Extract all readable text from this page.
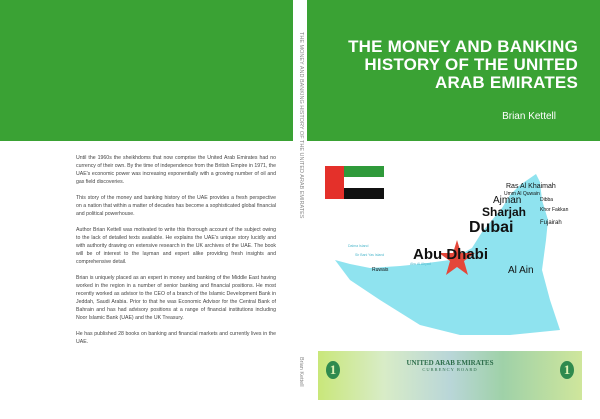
THE MONEY AND BANKING HISTORY OF THE UNITED ARAB EMIRATES
Brian Kettell

Until the 1960s the sheikhdoms that now comprise the United Arab Emirates had no currency of their own. By the time of independence from the British Empire in 1971, the UAE's economic power was increasing exponentially with a growing number of oil and gas field discoveries.

This story of the money and banking history of the UAE provides a fresh perspective on a nation that within a matter of decades has become a sophisticated global financial and political powerhouse.

Author Brian Kettell was motivated to write this thorough account of the subject owing to the lack of detailed texts available. He explains the UAE's unique story lucidly and with authority drawing on extensive research in the UK archives of the UAE. The book will be of interest to the layman and expert alike providing fresh insights and comprehensive detail.

Brian is uniquely placed as an expert in money and banking of the Middle East having worked in the region in a number of senior banking and financial positions. He most recently worked as advisor to the CEO of a branch of the Islamic Development Bank in Jeddah, Saudi Arabia. Prior to that he was Economic Advisor for the Central Bank of Bahrain and has had advisory positions at a range of financial institutions including Noor Islamic Bank (UAE) and the UK Treasury.

He has published 28 books on banking and financial markets and currently lives in the UAE.

THE MONEY AND BANKING HISTORY OF THE UNITED ARAB EMIRATES
Brian Kettell
Ras Al Khaimah
Umm Al Quwain
Ajman	Dibba
Sharjah	Khor Fakkan
Dubai	Fujairah
Abu Dhabi
Al Ain
Ruwais
Dalma Island
Sir Bani Yas Island
Abu Al Abyad
1	1
UNITED ARAB EMIRATES
CURRENCY BOARD
